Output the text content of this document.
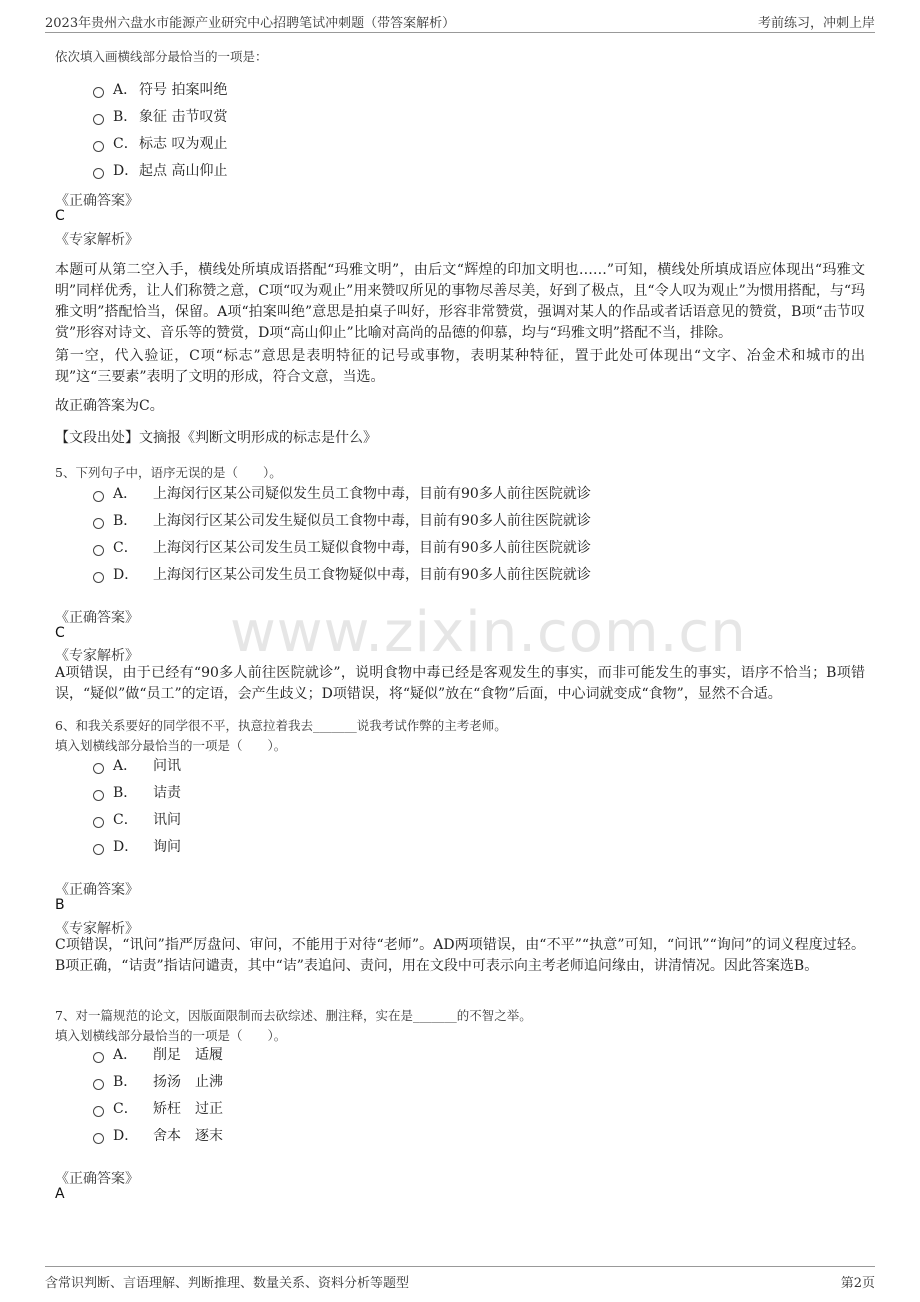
2023年贵州六盘水市能源产业研究中心招聘笔试冲刺题（带答案解析）	考前练习，冲刺上岸
www.zixin.com.cn
依次填入画横线部分最恰当的一项是：
A． 符号 拍案叫绝
B． 象征 击节叹赏
C．标志 叹为观止
D．起点 高山仰止
《正确答案》
C
《专家解析》
本题可从第二空入手，横线处所填成语搭配“玛雅文明”，由后文“辉煌的印加文明也……”可知，横线处所填成语应体现出“玛雅文明”同样优秀，让人们称赞之意，C项“叹为观止”用来赞叹所见的事物尽善尽美，好到了极点，且“令人叹为观止”为惯用搭配，与“玛雅文明”搭配恰当，保留。A项“拍案叫绝”意思是拍桌子叫好，形容非常赞赏，强调对某人的作品或者话语意见的赞赏，B项“击节叹赏”形容对诗文、音乐等的赞赏，D项“高山仰止”比喻对高尚的品德的仰慕，均与“玛雅文明”搭配不当，排除。
第一空，代入验证，C项“标志”意思是表明特征的记号或事物，表明某种特征，置于此处可体现出“文字、冶金术和城市的出现”这“三要素”表明了文明的形成，符合文意，当选。
故正确答案为C。
【文段出处】文摘报《判断文明形成的标志是什么》
5、下列句子中，语序无误的是（　　）。
A． 上海闵行区某公司疑似发生员工食物中毒，目前有90多人前往医院就诊
B． 上海闵行区某公司发生疑似员工食物中毒，目前有90多人前往医院就诊
C． 上海闵行区某公司发生员工疑似食物中毒，目前有90多人前往医院就诊
D． 上海闵行区某公司发生员工食物疑似中毒，目前有90多人前往医院就诊
《正确答案》
C
《专家解析》
A项错误，由于已经有“90多人前往医院就诊”，说明食物中毒已经是客观发生的事实，而非可能发生的事实，语序不恰当；B项错误，“疑似”做“员工”的定语，会产生歧义；D项错误，将“疑似”放在“食物”后面，中心词就变成“食物”，显然不合适。
6、和我关系要好的同学很不平，执意拉着我去_______说我考试作弊的主考老师。
填入划横线部分最恰当的一项是（　　）。
A． 问讯
B． 诘责
C． 讯问
D． 询问
《正确答案》
B
《专家解析》
C项错误，“讯问”指严厉盘问、审问，不能用于对待“老师”。AD两项错误，由“不平”“执意”可知，“问讯”“询问”的词义程度过轻。B项正确，“诘责”指诘问谴责，其中“诘”表追问、责问，用在文段中可表示向主考老师追问缘由，讲清情况。因此答案选B。
7、对一篇规范的论文，因版面限制而去砍综述、删注释，实在是_______的不智之举。
填入划横线部分最恰当的一项是（　　）。
A． 削足 适履
B． 扬汤 止沸
C． 矫枉 过正
D． 舍本 逐末
《正确答案》
A
含常识判断、言语理解、判断推理、数量关系、资料分析等题型	第2页
